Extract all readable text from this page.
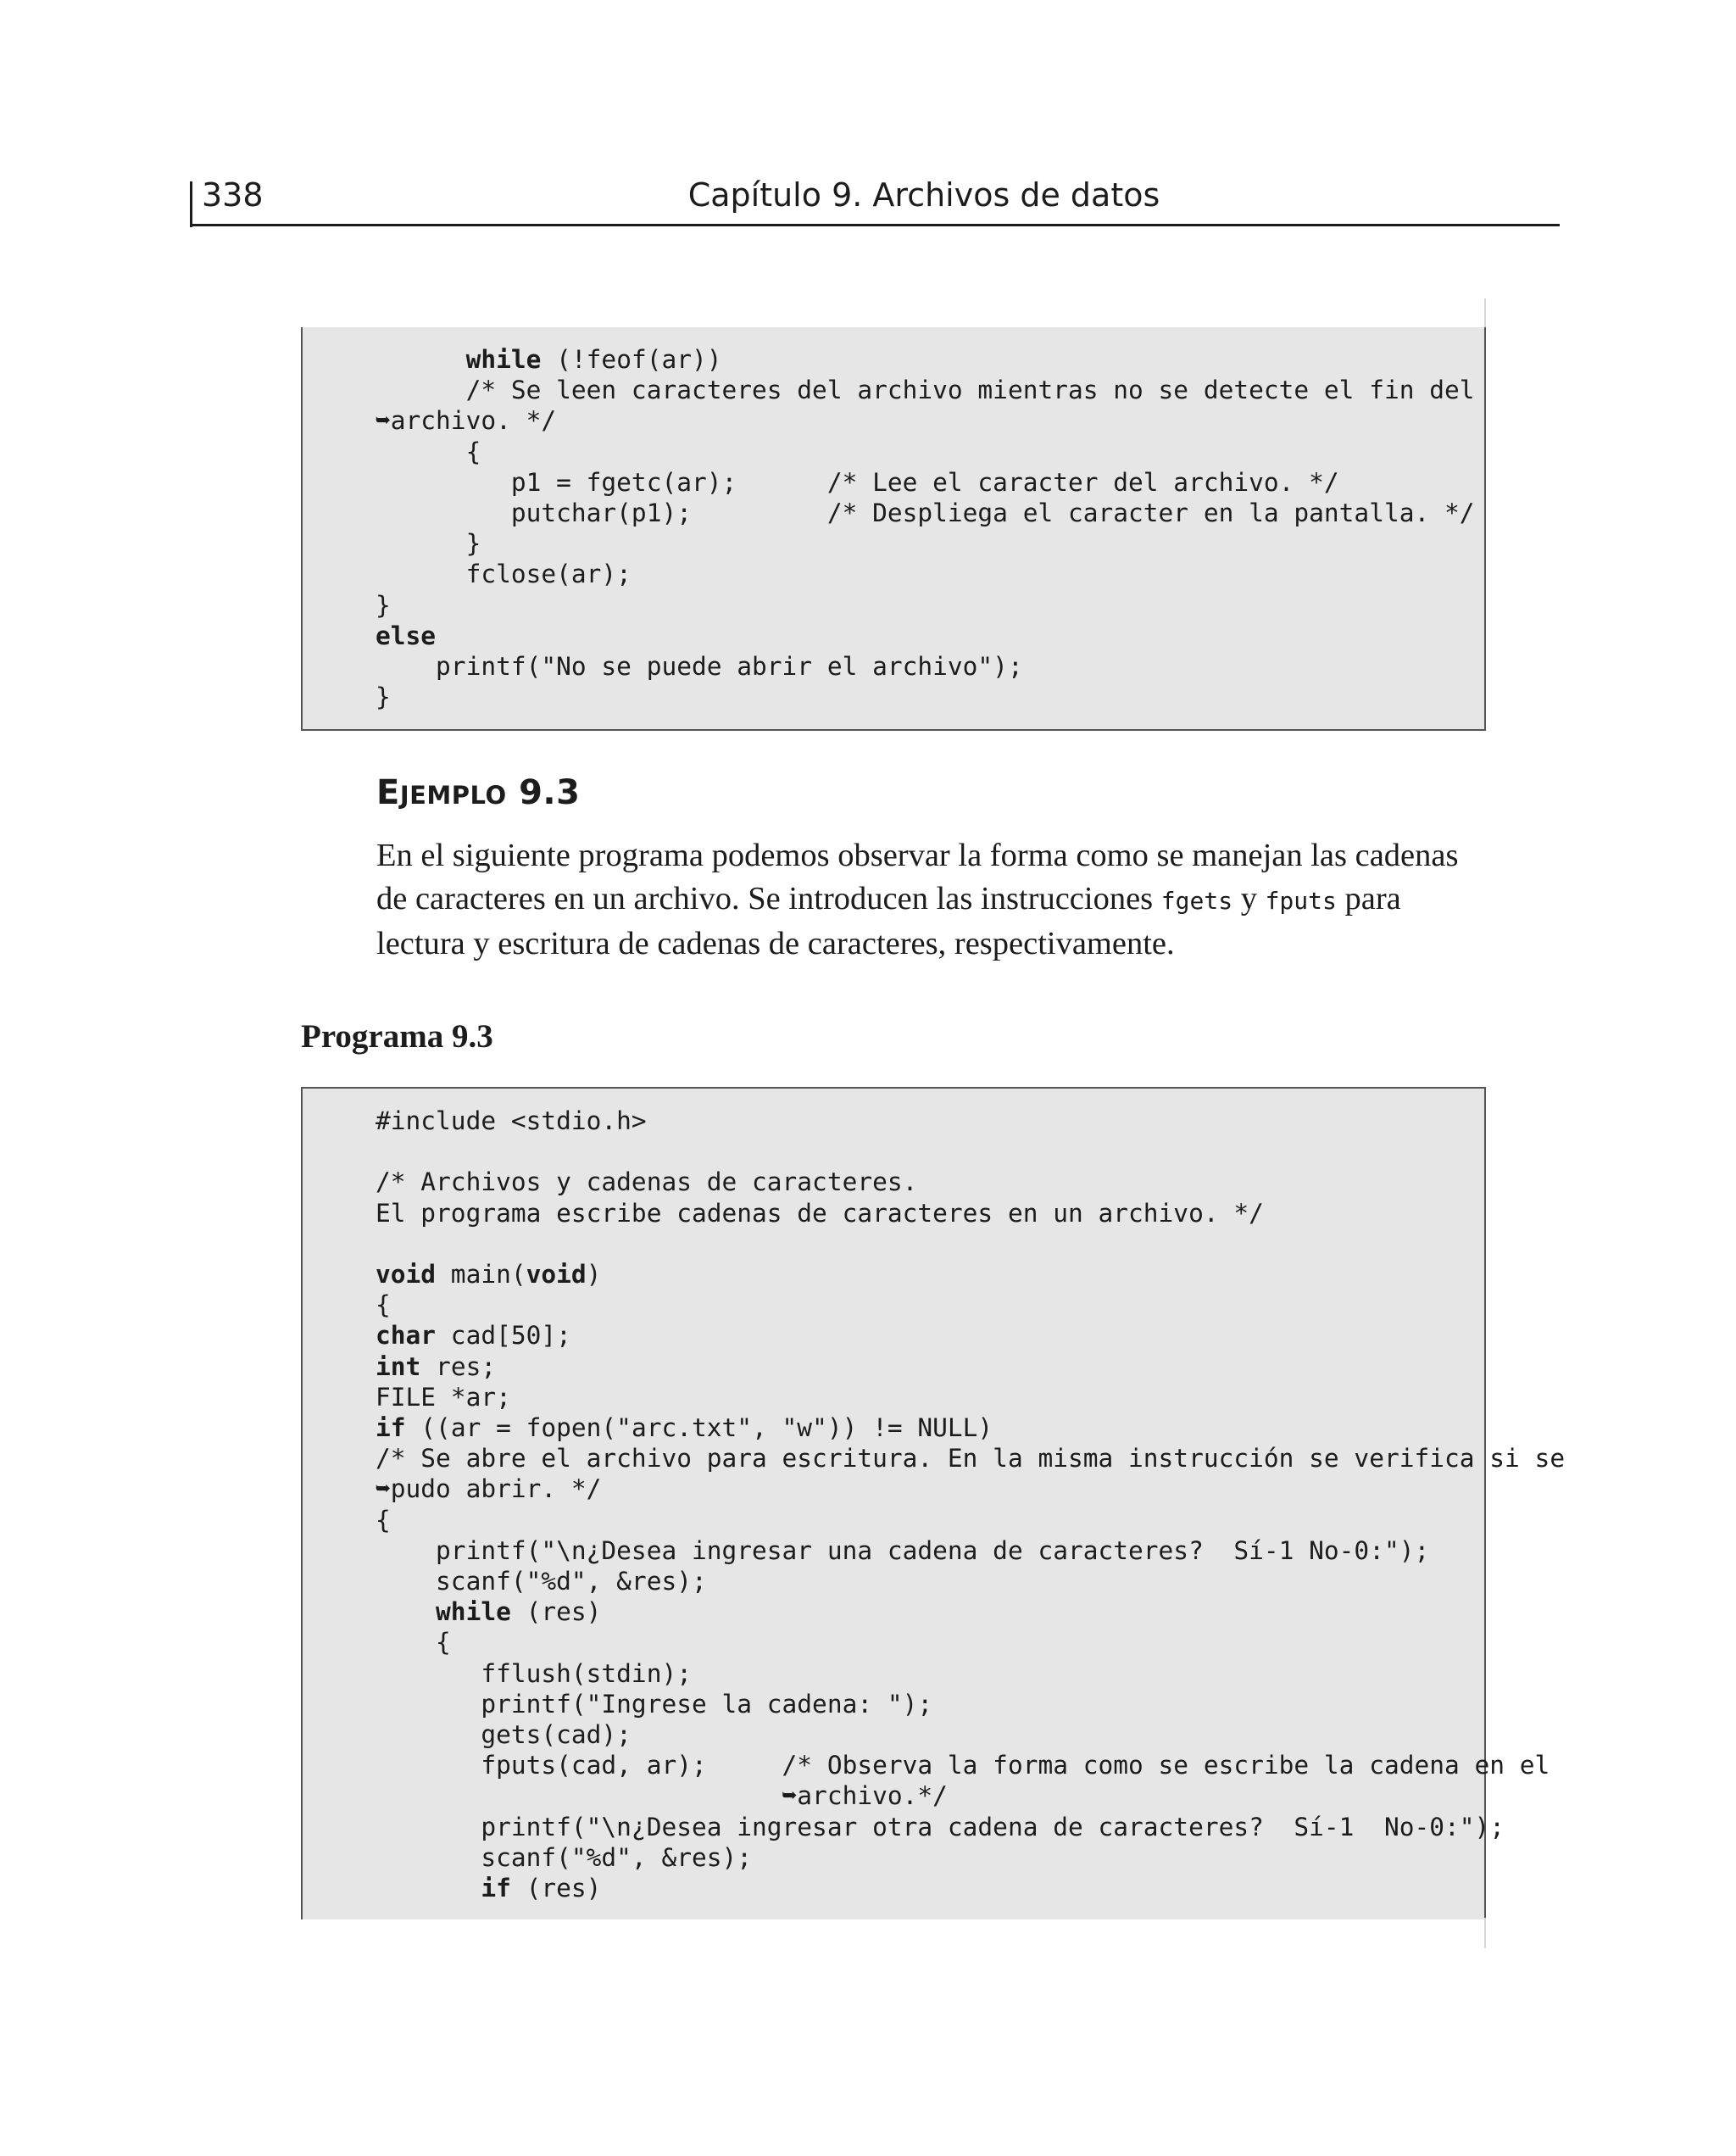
338	Capítulo 9. Archivos de datos
while (!feof(ar))
/* Se leen caracteres del archivo mientras no se detecte el fin del
➥archivo. */
{
p1 = fgetc(ar);      /* Lee el caracter del archivo. */
putchar(p1);         /* Despliega el caracter en la pantalla. */
}
fclose(ar);
}
else
printf("No se puede abrir el archivo");
}
EJEMPLO 9.3
En el siguiente programa podemos observar la forma como se manejan las cadenas de caracteres en un archivo. Se introducen las instrucciones fgets y fputs para lectura y escritura de cadenas de caracteres, respectivamente.
Programa 9.3
#include <stdio.h>

/* Archivos y cadenas de caracteres.
El programa escribe cadenas de caracteres en un archivo. */

void main(void)
{
char cad[50];
int res;
FILE *ar;
if ((ar = fopen("arc.txt", "w")) != NULL)
/* Se abre el archivo para escritura. En la misma instrucción se verifica si se
➥pudo abrir. */
{
printf("\n¿Desea ingresar una cadena de caracteres?  Sí-1 No-0:");
scanf("%d", &res);
while (res)
{
fflush(stdin);
printf("Ingrese la cadena: ");
gets(cad);
fputs(cad, ar);     /* Observa la forma como se escribe la cadena en el
➥archivo.*/
printf("\n¿Desea ingresar otra cadena de caracteres?  Sí-1  No-0:");
scanf("%d", &res);
if (res)
